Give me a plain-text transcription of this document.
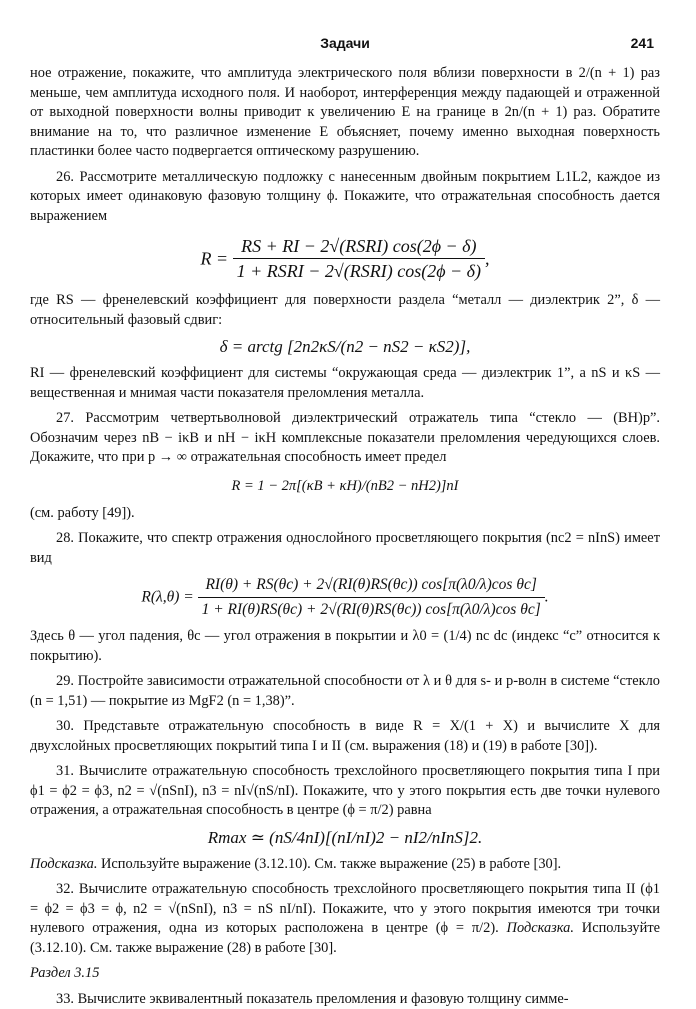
Задачи	241

ное отражение, покажите, что амплитуда электрического поля вблизи поверхности в 2/(n + 1) раз меньше, чем амплитуда исходного поля. И наоборот, интерференция между падающей и отраженной от выходной поверхности волны приводит к увеличению E на границе в 2n/(n + 1) раз. Обратите внимание на то, что различное изменение E объясняет, почему именно выходная поверхность пластинки более часто подвергается оптическому разрушению.

26. Рассмотрите металлическую подложку с нанесенным двойным покрытием L1L2, каждое из которых имеет одинаковую фазовую толщину ϕ. Покажите, что отражательная способность дается выражением

$R = \frac{\text{RS + RI − 2√(RSRI) cos(2ϕ − δ)}}{\text{1 + RSRI − 2√(RSRI) cos(2ϕ − δ)}}$ ,

где RS — френелевский коэффициент для поверхности раздела “металл — диэлектрик 2”, δ — относительный фазовый сдвиг:

δ = arctg [2n2κS/(n2 − nS2 − κS2)],

RI — френелевский коэффициент для системы “окружающая среда — диэлектрик 1”, а nS и κS — вещественная и мнимая части показателя преломления металла.

27. Рассмотрим четвертьволновой диэлектрический отражатель типа “стекло — (BH)p”. Обозначим через nB − iκB и nH − iκH комплексные показатели преломления чередующихся слоев. Докажите, что при p → ∞ отражательная способность имеет предел

R = 1 − 2π[(κB + κH)/(nB2 − nH2)]nI

(см. работу [49]).

28. Покажите, что спектр отражения однослойного просветляющего покрытия (nc2 = nInS) имеет вид

$R(\lambda,\theta) = \frac{\text{RI(θ) + RS(θc) + 2√(RI(θ)RS(θc)) cos[π(λ0/λ)cos θc]}}{\text{1 + RI(θ)RS(θc) + 2√(RI(θ)RS(θc)) cos[π(λ0/λ)cos θc]}}$ .

Здесь θ — угол падения, θc — угол отражения в покрытии и λ0 = (1/4) nc dc (индекс “с” относится к покрытию).

29. Постройте зависимости отражательной способности от λ и θ для s- и p-волн в системе “стекло (n = 1,51) — покрытие из MgF2 (n = 1,38)”.

30. Представьте отражательную способность в виде R = X/(1 + X) и вычислите X для двухслойных просветляющих покрытий типа I и II (см. выражения (18) и (19) в работе [30]).

31. Вычислите отражательную способность трехслойного просветляющего покрытия типа I при ϕ1 = ϕ2 = ϕ3, n2 = √(nSnI), n3 = nI√(nS/nI). Покажите, что у этого покрытия есть две точки нулевого отражения, а отражательная способность в центре (ϕ = π/2) равна

Rmax ≃ (nS/4nI)[(nI/nI)2 − nI2/nInS]2.

Подсказка. Используйте выражение (3.12.10). См. также выражение (25) в работе [30].

32. Вычислите отражательную способность трехслойного просветляющего покрытия типа II (ϕ1 = ϕ2 = ϕ3 = ϕ, n2 = √(nSnI), n3 = nS nI/nI). Покажите, что у этого покрытия имеются три точки нулевого отражения, одна из которых расположена в центре (ϕ = π/2). Подсказка. Используйте (3.12.10). См. также выражение (28) в работе [30].

Раздел 3.15

33. Вычислите эквивалентный показатель преломления и фазовую толщину симме-
